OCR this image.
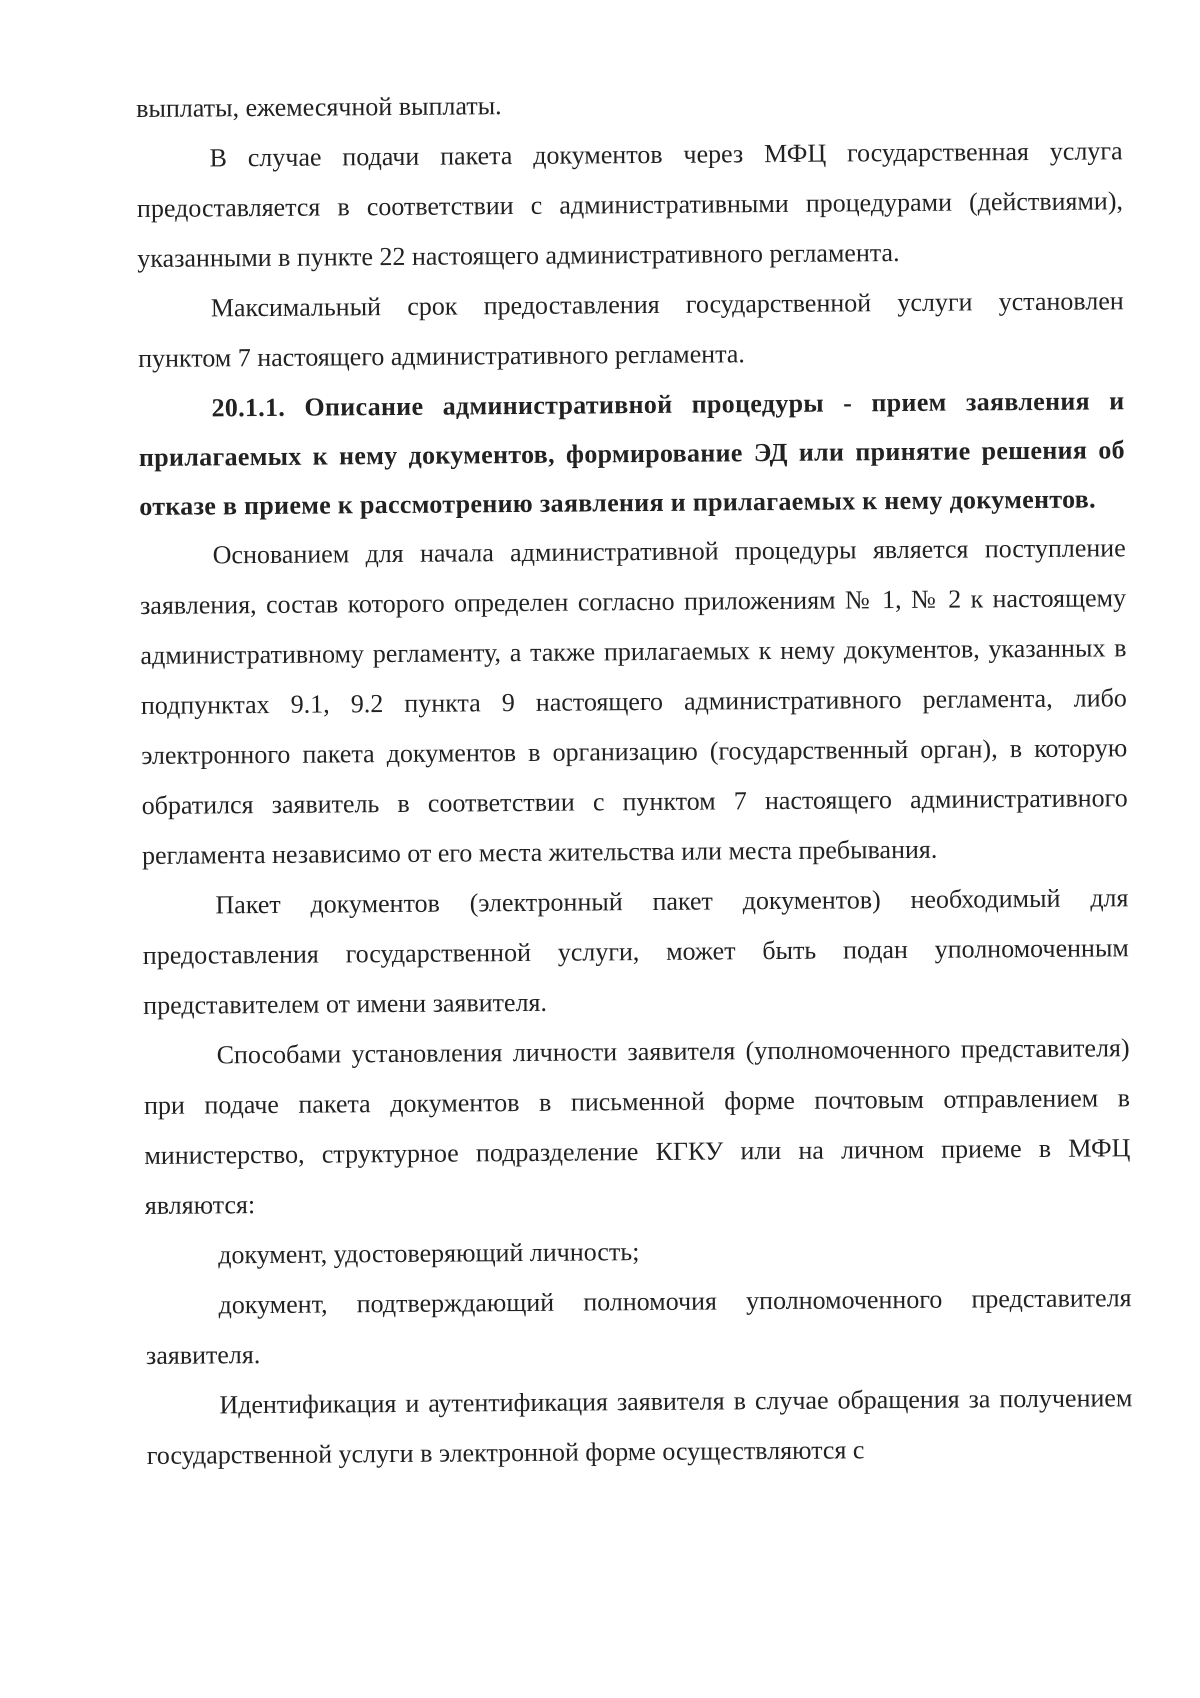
выплаты, ежемесячной выплаты.

В случае подачи пакета документов через МФЦ государственная услуга предоставляется в соответствии с административными процедурами (действиями), указанными в пункте 22 настоящего административного регламента.

Максимальный срок предоставления государственной услуги установлен пунктом 7 настоящего административного регламента.

20.1.1. Описание административной процедуры - прием заявления и прилагаемых к нему документов, формирование ЭД или принятие решения об отказе в приеме к рассмотрению заявления и прилагаемых к нему документов.

Основанием для начала административной процедуры является поступление заявления, состав которого определен согласно приложениям № 1, № 2 к настоящему административному регламенту, а также прилагаемых к нему документов, указанных в подпунктах 9.1, 9.2 пункта 9 настоящего административного регламента, либо электронного пакета документов в организацию (государственный орган), в которую обратился заявитель в соответствии с пунктом 7 настоящего административного регламента независимо от его места жительства или места пребывания.

Пакет документов (электронный пакет документов) необходимый для предоставления государственной услуги, может быть подан уполномоченным представителем от имени заявителя.

Способами установления личности заявителя (уполномоченного представителя) при подаче пакета документов в письменной форме почтовым отправлением в министерство, структурное подразделение КГКУ или на личном приеме в МФЦ являются:

документ, удостоверяющий личность;

документ, подтверждающий полномочия уполномоченного представителя заявителя.

Идентификация и аутентификация заявителя в случае обращения за получением государственной услуги в электронной форме осуществляются с
